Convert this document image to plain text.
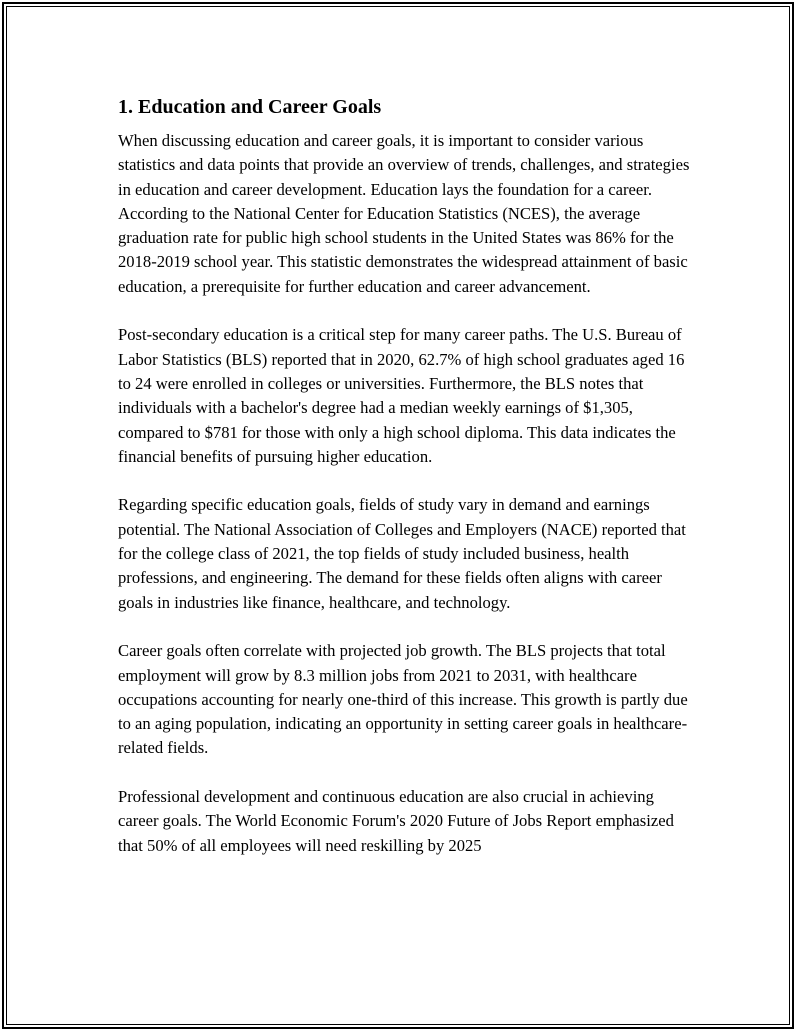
1. Education and Career Goals

When discussing education and career goals, it is important to consider various statistics and data points that provide an overview of trends, challenges, and strategies in education and career development. Education lays the foundation for a career. According to the National Center for Education Statistics (NCES), the average graduation rate for public high school students in the United States was 86% for the 2018-2019 school year. This statistic demonstrates the widespread attainment of basic education, a prerequisite for further education and career advancement.

Post-secondary education is a critical step for many career paths. The U.S. Bureau of Labor Statistics (BLS) reported that in 2020, 62.7% of high school graduates aged 16 to 24 were enrolled in colleges or universities. Furthermore, the BLS notes that individuals with a bachelor's degree had a median weekly earnings of $1,305, compared to $781 for those with only a high school diploma. This data indicates the financial benefits of pursuing higher education.

Regarding specific education goals, fields of study vary in demand and earnings potential. The National Association of Colleges and Employers (NACE) reported that for the college class of 2021, the top fields of study included business, health professions, and engineering. The demand for these fields often aligns with career goals in industries like finance, healthcare, and technology.

Career goals often correlate with projected job growth. The BLS projects that total employment will grow by 8.3 million jobs from 2021 to 2031, with healthcare occupations accounting for nearly one-third of this increase. This growth is partly due to an aging population, indicating an opportunity in setting career goals in healthcare-related fields.

Professional development and continuous education are also crucial in achieving career goals. The World Economic Forum's 2020 Future of Jobs Report emphasized that 50% of all employees will need reskilling by 2025
